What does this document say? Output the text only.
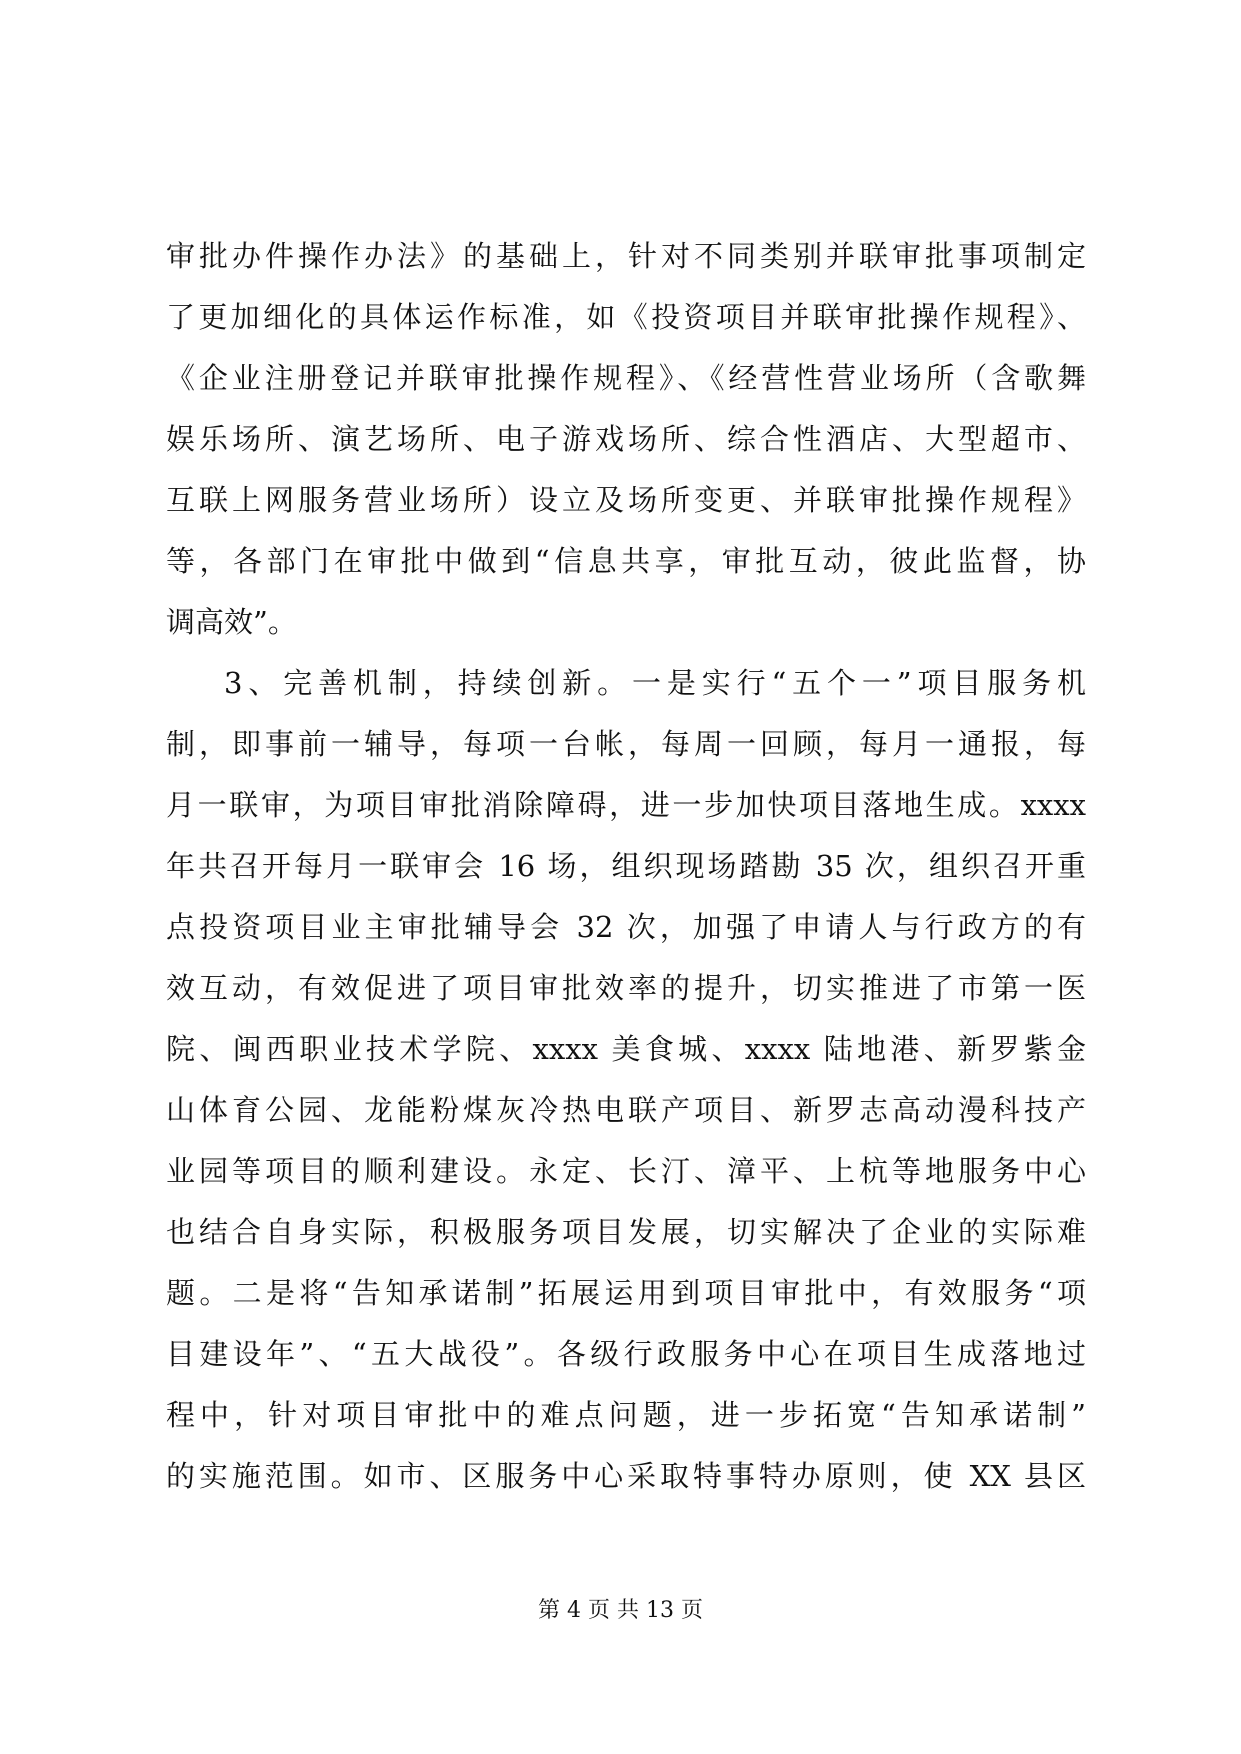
审批办件操作办法》的基础上，针对不同类别并联审批事项制定
了更加细化的具体运作标准，如《投资项目并联审批操作规程》、
《企业注册登记并联审批操作规程》、《经营性营业场所（含歌舞
娱乐场所、演艺场所、电子游戏场所、综合性酒店、大型超市、
互联上网服务营业场所）设立及场所变更、并联审批操作规程》
等，各部门在审批中做到“信息共享，审批互动，彼此监督，协
调高效”。
3、完善机制，持续创新。一是实行“五个一”项目服务机
制，即事前一辅导，每项一台帐，每周一回顾，每月一通报，每
月一联审，为项目审批消除障碍，进一步加快项目落地生成。xxxx
年共召开每月一联审会 16 场，组织现场踏勘 35 次，组织召开重
点投资项目业主审批辅导会 32 次，加强了申请人与行政方的有
效互动，有效促进了项目审批效率的提升，切实推进了市第一医
院、闽西职业技术学院、xxxx 美食城、xxxx 陆地港、新罗紫金
山体育公园、龙能粉煤灰冷热电联产项目、新罗志高动漫科技产
业园等项目的顺利建设。永定、长汀、漳平、上杭等地服务中心
也结合自身实际，积极服务项目发展，切实解决了企业的实际难
题。二是将“告知承诺制”拓展运用到项目审批中，有效服务“项
目建设年”、“五大战役”。各级行政服务中心在项目生成落地过
程中，针对项目审批中的难点问题，进一步拓宽“告知承诺制”
的实施范围。如市、区服务中心采取特事特办原则，使 XX 县区
第 4 页 共 13 页
